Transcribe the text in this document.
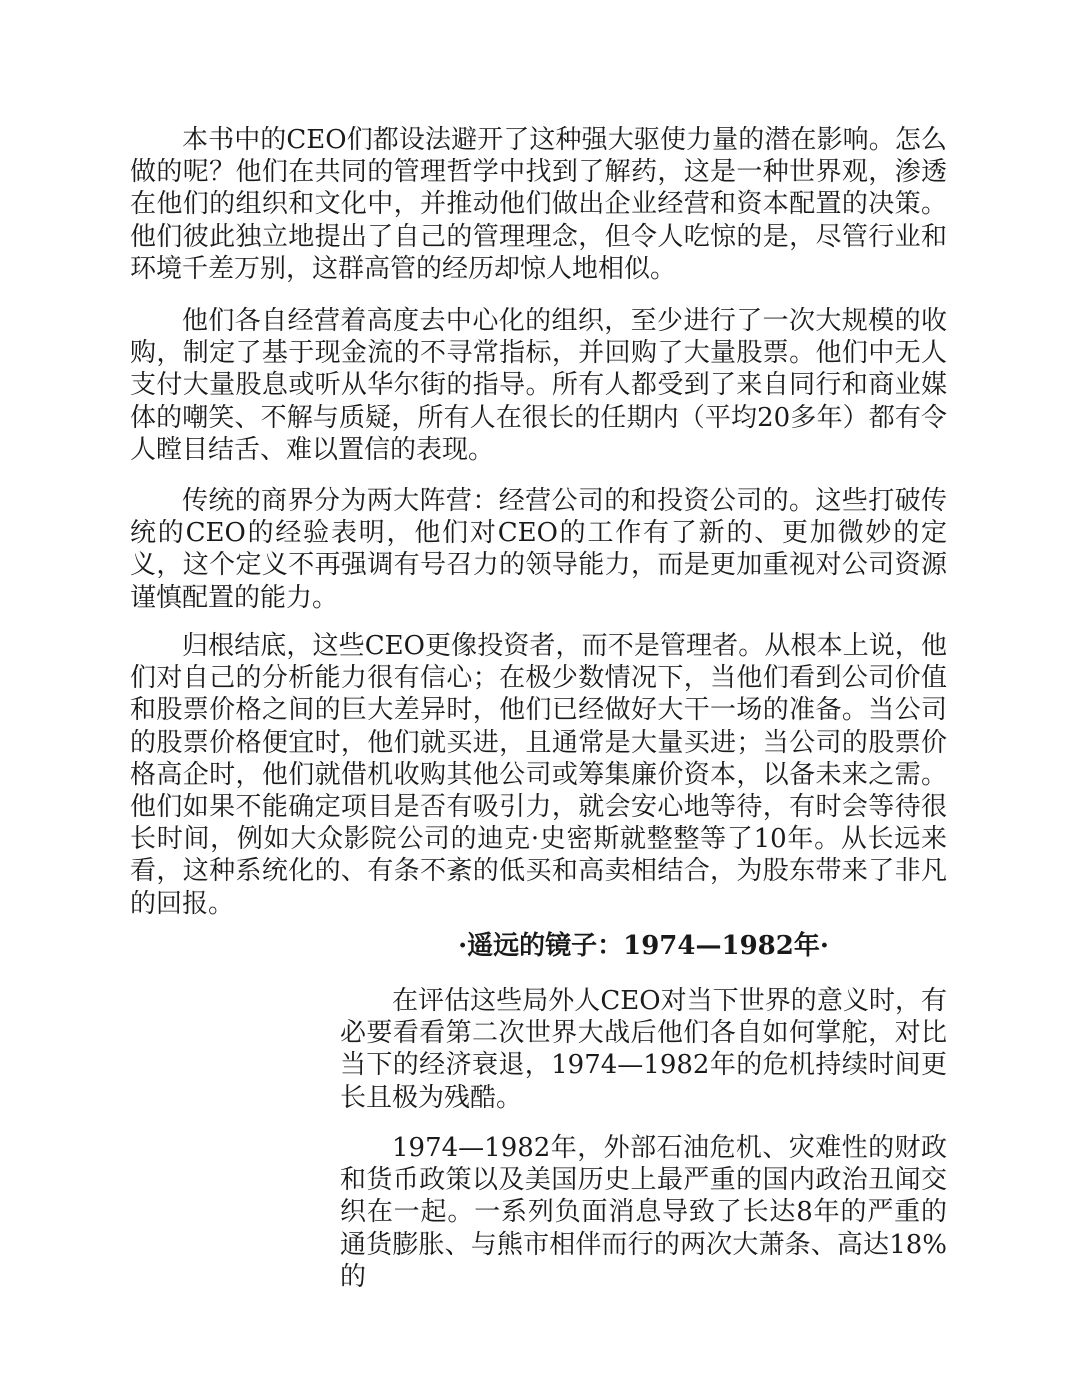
本书中的CEO们都设法避开了这种强大驱使力量的潜在影响。怎么做的呢？他们在共同的管理哲学中找到了解药，这是一种世界观，渗透在他们的组织和文化中，并推动他们做出企业经营和资本配置的决策。他们彼此独立地提出了自己的管理理念，但令人吃惊的是，尽管行业和环境千差万别，这群高管的经历却惊人地相似。

他们各自经营着高度去中心化的组织，至少进行了一次大规模的收购，制定了基于现金流的不寻常指标，并回购了大量股票。他们中无人支付大量股息或听从华尔街的指导。所有人都受到了来自同行和商业媒体的嘲笑、不解与质疑，所有人在很长的任期内（平均20多年）都有令人瞠目结舌、难以置信的表现。

传统的商界分为两大阵营：经营公司的和投资公司的。这些打破传统的CEO的经验表明，他们对CEO的工作有了新的、更加微妙的定义，这个定义不再强调有号召力的领导能力，而是更加重视对公司资源谨慎配置的能力。

归根结底，这些CEO更像投资者，而不是管理者。从根本上说，他们对自己的分析能力很有信心；在极少数情况下，当他们看到公司价值和股票价格之间的巨大差异时，他们已经做好大干一场的准备。当公司的股票价格便宜时，他们就买进，且通常是大量买进；当公司的股票价格高企时，他们就借机收购其他公司或筹集廉价资本，以备未来之需。他们如果不能确定项目是否有吸引力，就会安心地等待，有时会等待很长时间，例如大众影院公司的迪克·史密斯就整整等了10年。从长远来看，这种系统化的、有条不紊的低买和高卖相结合，为股东带来了非凡的回报。

·遥远的镜子：1974—1982年·

在评估这些局外人CEO对当下世界的意义时，有必要看看第二次世界大战后他们各自如何掌舵，对比当下的经济衰退，1974—1982年的危机持续时间更长且极为残酷。

1974—1982年，外部石油危机、灾难性的财政和货币政策以及美国历史上最严重的国内政治丑闻交织在一起。一系列负面消息导致了长达8年的严重的通货膨胀、与熊市相伴而行的两次大萧条、高达18%的
